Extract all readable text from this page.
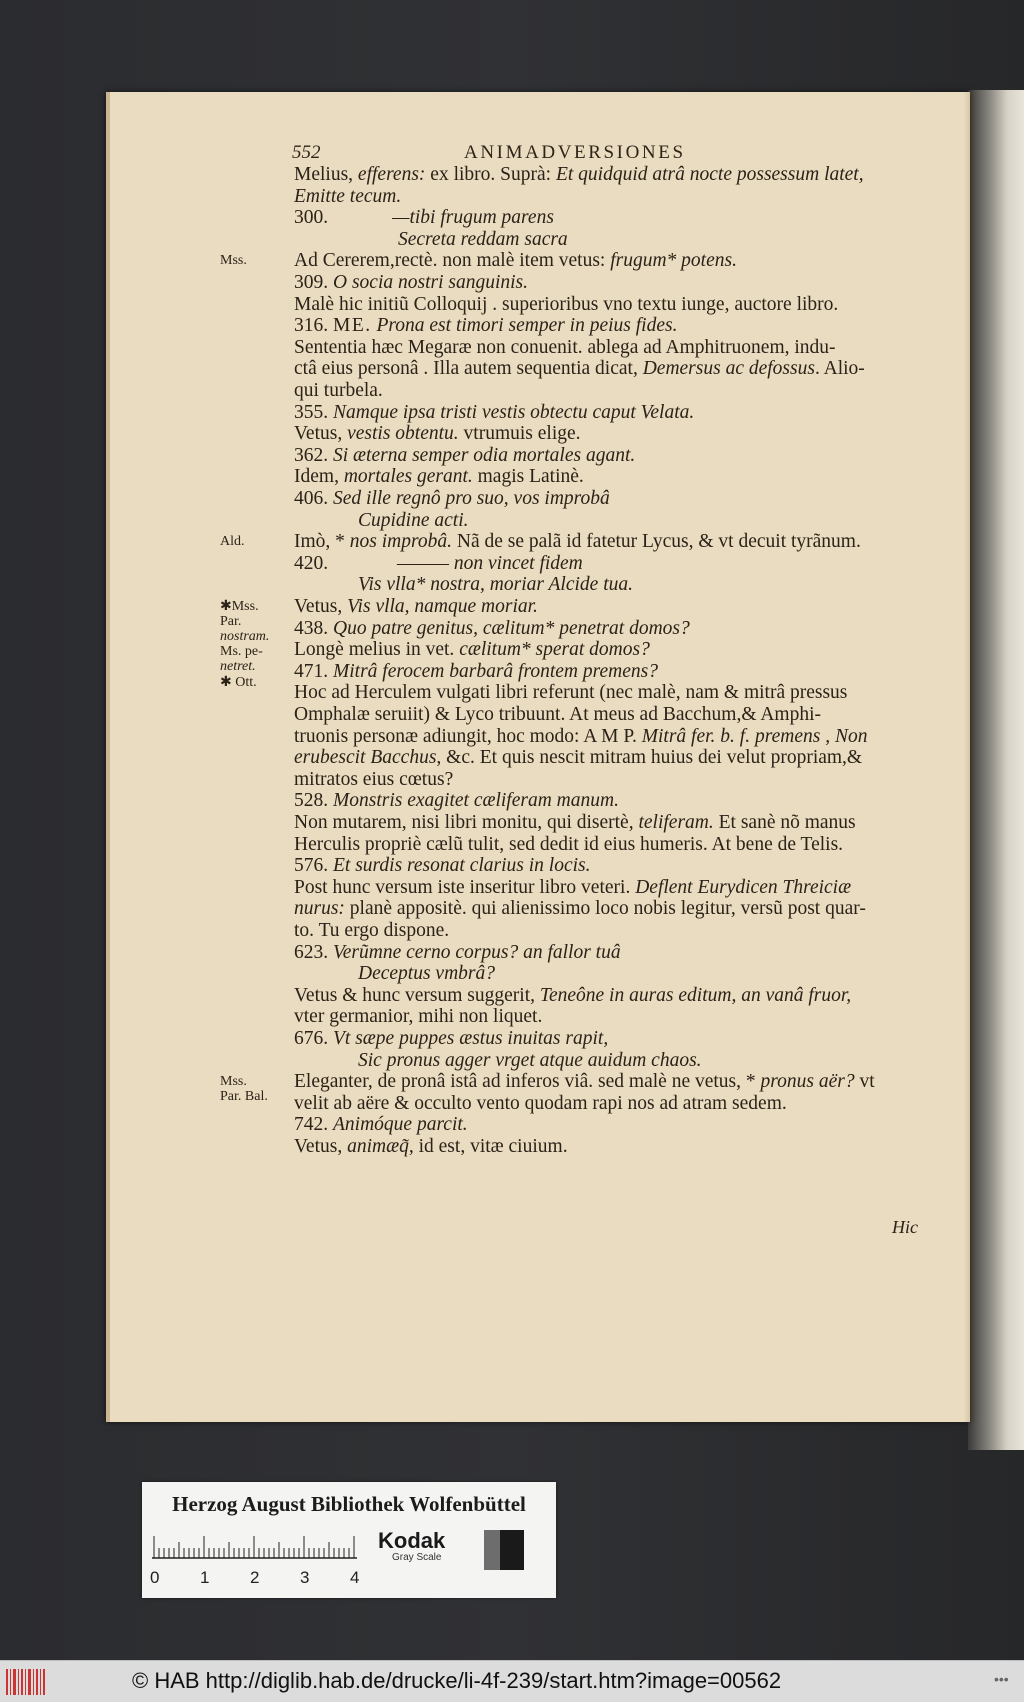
552	ANIMADVERSIONES
Melius, efferens: ex libro. Suprà: Et quidquid atrâ nocte possessum latet,
Emitte tecum.
300.	—tibi frugum parens
Secreta reddam sacra
Ad Cererem,rectè. non malè item vetus: frugum* potens.
309. O socia nostri sanguinis.
Malè hic initiũ Colloquij . superioribus vno textu iunge, auctore libro.
316. ME. Prona est timori semper in peius fides.
Sententia hæc Megaræ non conuenit. ablega ad Amphitruonem, indu-
ctâ eius personâ . Illa autem sequentia dicat, Demersus ac defossus. Alio-
qui turbela.
355. Namque ipsa tristi vestis obtectu caput Velata.
Vetus, vestis obtentu. vtrumuis elige.
362. Si æterna semper odia mortales agant.
Idem, mortales gerant. magis Latinè.
406. Sed ille regnô pro suo, vos improbâ
Cupidine acti.
Imò, * nos improbâ. Nã de se palã id fatetur Lycus, & vt decuit tyrãnum.
420.	——— non vincet fidem
Vis vlla* nostra, moriar Alcide tua.
Vetus, Vis vlla, namque moriar.
438. Quo patre genitus, cælitum* penetrat domos?
Longè melius in vet. cælitum* sperat domos?
471. Mitrâ ferocem barbarâ frontem premens?
Hoc ad Herculem vulgati libri referunt (nec malè, nam & mitrâ pressus
Omphalæ seruiit) & Lyco tribuunt. At meus ad Bacchum,& Amphi-
truonis personæ adiungit, hoc modo: A M P. Mitrâ fer. b. f. premens , Non
erubescit Bacchus, &c. Et quis nescit mitram huius dei velut propriam,&
mitratos eius cœtus?
528. Monstris exagitet cæliferam manum.
Non mutarem, nisi libri monitu, qui disertè, teliferam. Et sanè nõ manus
Herculis propriè cælũ tulit, sed dedit id eius humeris. At bene de Telis.
576. Et surdis resonat clarius in locis.
Post hunc versum iste inseritur libro veteri. Deflent Eurydicen Threiciæ
nurus: planè appositè. qui alienissimo loco nobis legitur, versũ post quar-
to. Tu ergo dispone.
623. Verũmne cerno corpus? an fallor tuâ
Deceptus vmbrâ?
Vetus & hunc versum suggerit, Teneône in auras editum, an vanâ fruor,
vter germanior, mihi non liquet.
676. Vt sæpe puppes æstus inuitas rapit,
Sic pronus agger vrget atque auidum chaos.
Eleganter, de pronâ istâ ad inferos viâ. sed malè ne vetus, * pronus aër? vt
velit ab aëre & occulto vento quodam rapi nos ad atram sedem.
742. Animóque parcit.
Vetus, animæq̃, id est, vitæ ciuium.
Mss.
Ald.
✱Mss.
Par.
nostram.
Ms. pe-
netret.
✱ Ott.
Mss.
Par. Bal.
Hic
Herzog August Bibliothek Wolfenbüttel
0 1 2 3 4
Kodak
Gray Scale
© HAB http://diglib.hab.de/drucke/li-4f-239/start.htm?image=00562	•••
